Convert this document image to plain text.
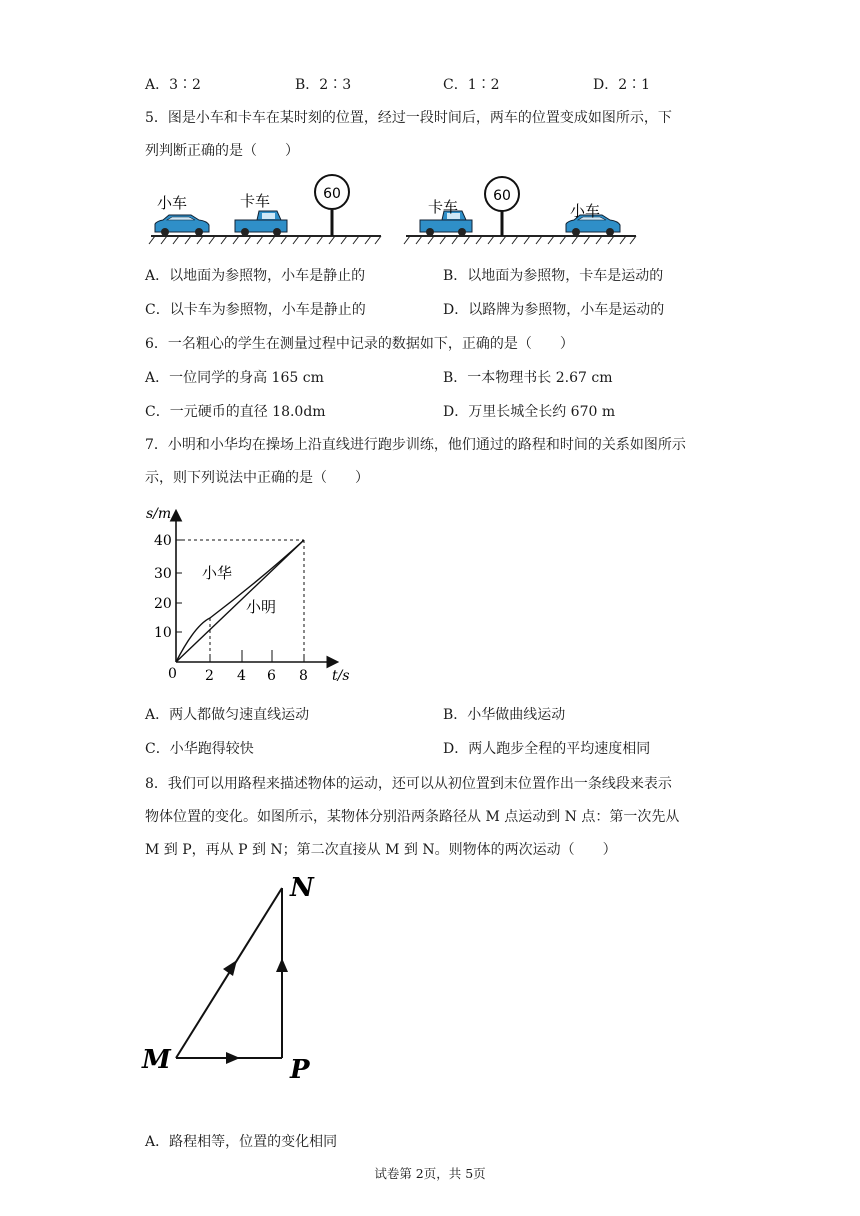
A．3∶2	B．2∶3	C．1∶2	D．2∶1
5．图是小车和卡车在某时刻的位置，经过一段时间后，两车的位置变成如图所示，下
列判断正确的是（　　）
小车	卡车	60
卡车
60
小车
A．以地面为参照物，小车是静止的	B．以地面为参照物，卡车是运动的
C．以卡车为参照物，小车是静止的	D．以路牌为参照物，小车是运动的
6．一名粗心的学生在测量过程中记录的数据如下，正确的是（　　）
A．一位同学的身高 165 cm	B．一本物理书长 2.67 cm
C．一元硬币的直径 18.0dm	D．万里长城全长约 670 m
7．小明和小华均在操场上沿直线进行跑步训练，他们通过的路程和时间的关系如图所示
示，则下列说法中正确的是（　　）
s/m
t/s
0 2 4 6 8
10
20
30
40
小华
小明
A．两人都做匀速直线运动	B．小华做曲线运动
C．小华跑得较快	D．两人跑步全程的平均速度相同
8．我们可以用路程来描述物体的运动，还可以从初位置到末位置作出一条线段来表示
物体位置的变化。如图所示，某物体分别沿两条路径从 M 点运动到 N 点：第一次先从
M 到 P，再从 P 到 N；第二次直接从 M 到 N。则物体的两次运动（　　）
N
M	P
A．路程相等，位置的变化相同
试卷第 2页，共 5页
